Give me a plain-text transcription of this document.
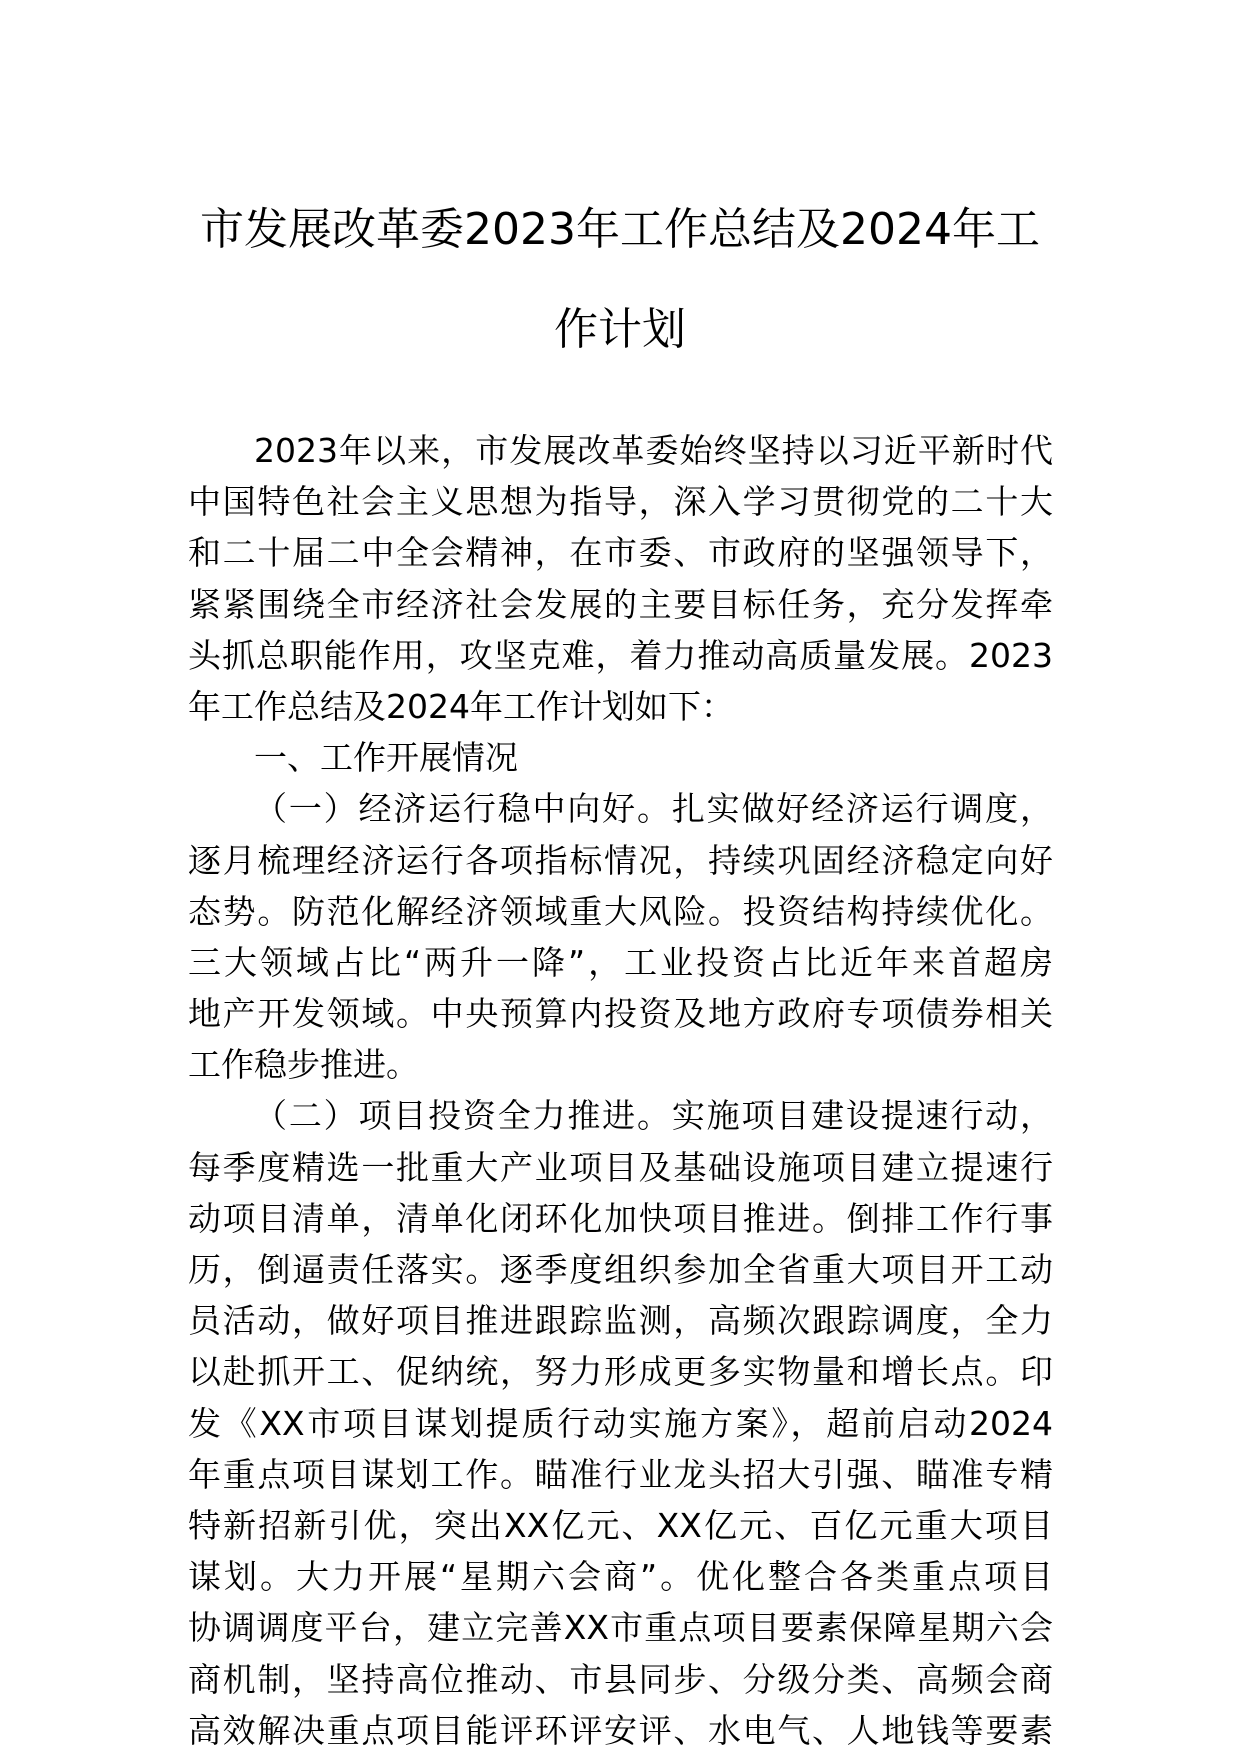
市发展改革委2023年工作总结及2024年工
作计划
2023年以来，市发展改革委始终坚持以习近平新时代
中国特色社会主义思想为指导，深入学习贯彻党的二十大
和二十届二中全会精神，在市委、市政府的坚强领导下，
紧紧围绕全市经济社会发展的主要目标任务，充分发挥牵
头抓总职能作用，攻坚克难，着力推动高质量发展。2023
年工作总结及2024年工作计划如下：
一、工作开展情况
（一）经济运行稳中向好。扎实做好经济运行调度，
逐月梳理经济运行各项指标情况，持续巩固经济稳定向好
态势。防范化解经济领域重大风险。投资结构持续优化。
三大领域占比“两升一降”，工业投资占比近年来首超房
地产开发领域。中央预算内投资及地方政府专项债券相关
工作稳步推进。
（二）项目投资全力推进。实施项目建设提速行动，
每季度精选一批重大产业项目及基础设施项目建立提速行
动项目清单，清单化闭环化加快项目推进。倒排工作行事
历，倒逼责任落实。逐季度组织参加全省重大项目开工动
员活动，做好项目推进跟踪监测，高频次跟踪调度，全力
以赴抓开工、促纳统，努力形成更多实物量和增长点。印
发《XX市项目谋划提质行动实施方案》，超前启动2024
年重点项目谋划工作。瞄准行业龙头招大引强、瞄准专精
特新招新引优，突出XX亿元、XX亿元、百亿元重大项目
谋划。大力开展“星期六会商”。优化整合各类重点项目
协调调度平台，建立完善XX市重点项目要素保障星期六会
商机制，坚持高位推动、市县同步、分级分类、高频会商
高效解决重点项目能评环评安评、水电气、人地钱等要素
